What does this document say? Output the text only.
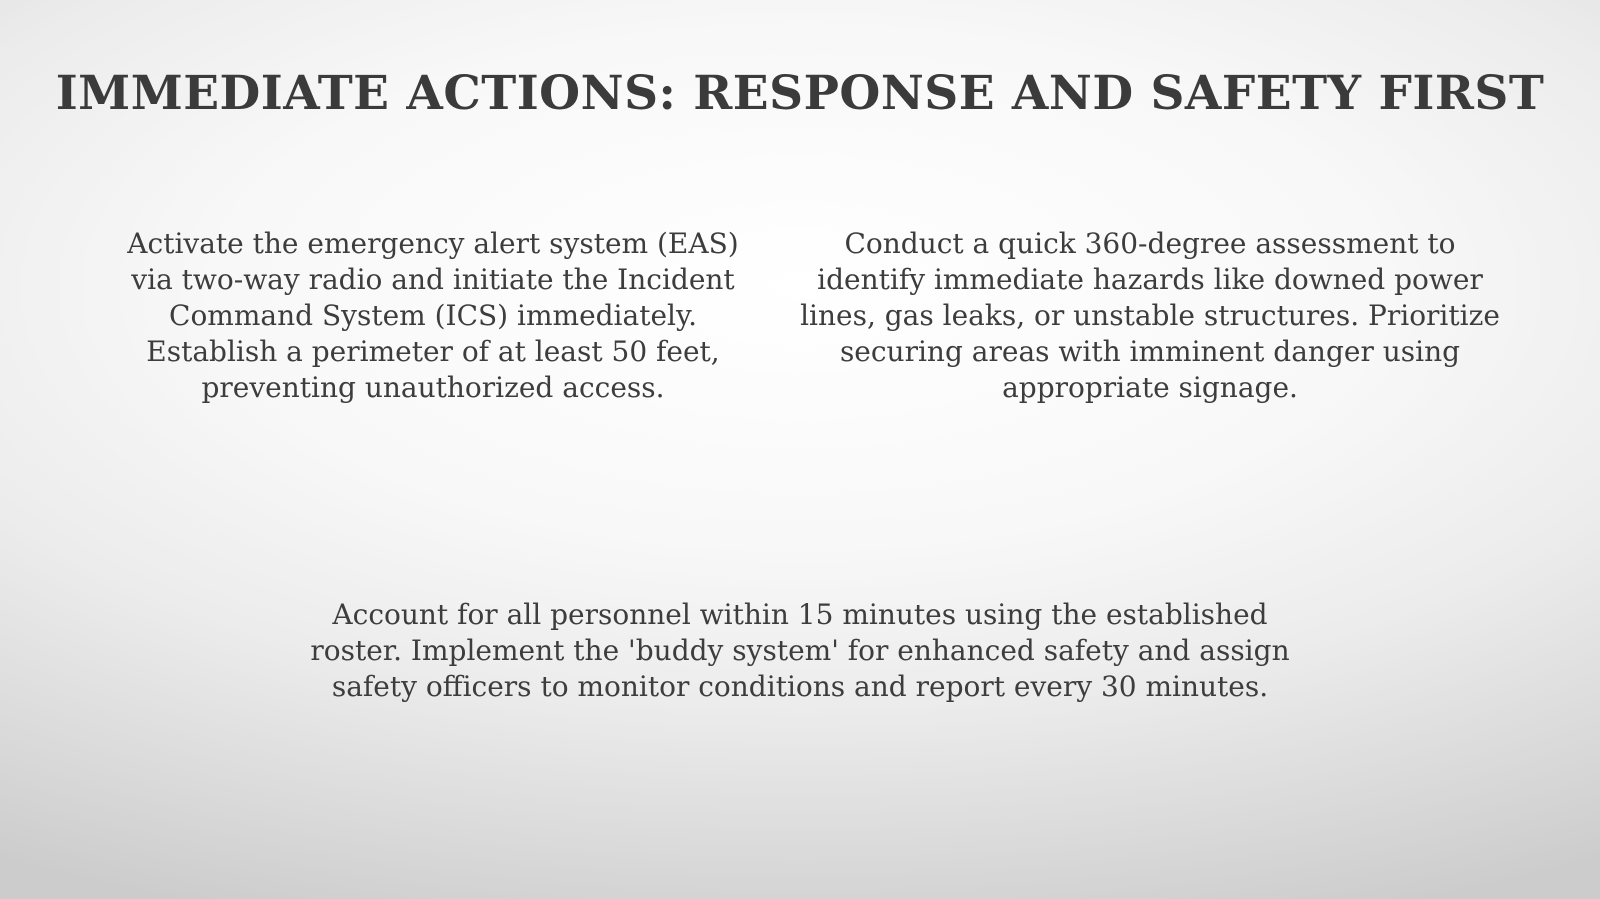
IMMEDIATE ACTIONS: RESPONSE AND SAFETY FIRST
Activate the emergency alert system (EAS) via two-way radio and initiate the Incident Command System (ICS) immediately. Establish a perimeter of at least 50 feet, preventing unauthorized access.
Conduct a quick 360-degree assessment to identify immediate hazards like downed power lines, gas leaks, or unstable structures. Prioritize securing areas with imminent danger using appropriate signage.
Account for all personnel within 15 minutes using the established roster. Implement the 'buddy system' for enhanced safety and assign safety officers to monitor conditions and report every 30 minutes.
